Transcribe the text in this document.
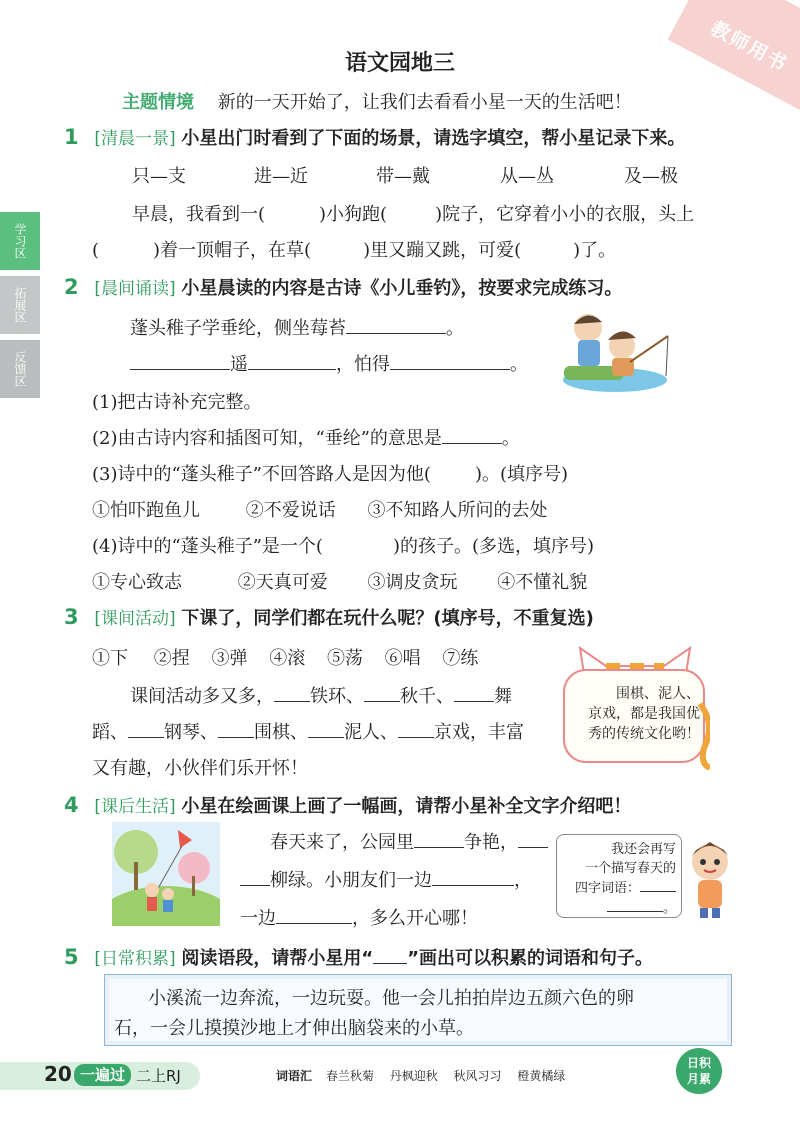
教师用书
学习区
拓展区
反馈区
语文园地三
主题情境 新的一天开始了，让我们去看看小星一天的生活吧！
1 [清晨一景] 小星出门时看到了下面的场景，请选字填空，帮小星记录下来。
只—支	进—近	带—戴	从—丛	及—极
早晨，我看到一(	)小狗跑(	)院子，它穿着小小的衣服，头上
(	)着一顶帽子，在草(	)里又蹦又跳，可爱(	)了。
2 [晨间诵读] 小星晨读的内容是古诗《小儿垂钓》，按要求完成练习。
蓬头稚子学垂纶，侧坐莓苔	。
遥	，怕得	。
(1)把古诗补充完整。
(2)由古诗内容和插图可知，“垂纶”的意思是	。
(3)诗中的“蓬头稚子”不回答路人是因为他( )。(填序号)
①怕吓跑鱼儿	②不爱说话 ③不知路人所问的去处
(4)诗中的“蓬头稚子”是一个(	)的孩子。(多选，填序号)
①专心致志	②天真可爱 ③调皮贪玩 ④不懂礼貌
3 [课间活动] 下课了，同学们都在玩什么呢？(填序号，不重复选)
①下 ②捏 ③弹 ④滚 ⑤荡 ⑥唱 ⑦练
课间活动多又多， 铁环、 秋千、 舞
蹈、 钢琴、 围棋、 泥人、 京戏，丰富
又有趣，小伙伴们乐开怀！
围棋、泥人、
京戏，都是我国优
秀的传统文化哟！
4 [课后生活] 小星在绘画课上画了一幅画，请帮小星补全文字介绍吧！
春天来了，公园里	争艳，
柳绿。小朋友们一边	，
一边	，多么开心哪！
我还会再写
一个描写春天的
四字词语：
。
5 [日常积累] 阅读语段，请帮小星用“ ”画出可以积累的词语和句子。
小溪流一边奔流，一边玩耍。他一会儿拍拍岸边五颜六色的卵
石，一会儿摸摸沙地上才伸出脑袋来的小草。
20 一遍过 二上RJ	词语汇 春兰秋菊 丹枫迎秋 秋风习习 橙黄橘绿
日积
月累
